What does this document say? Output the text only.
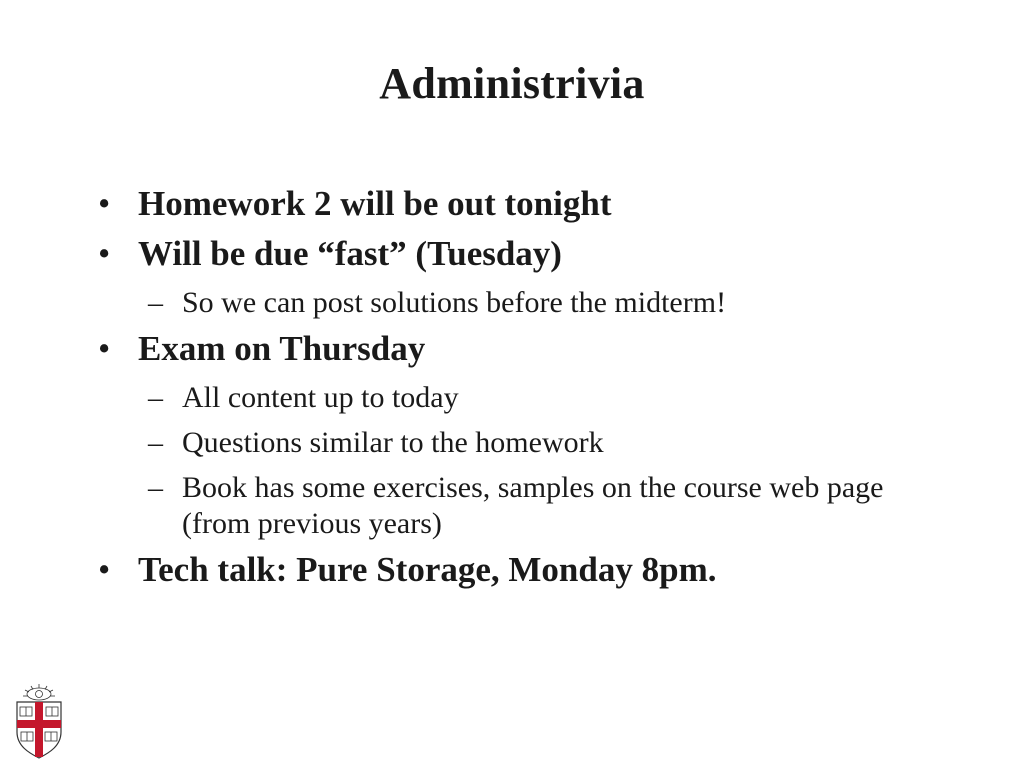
Administrivia
• Homework 2 will be out tonight
• Will be due “fast” (Tuesday)
– So we can post solutions before the midterm!
• Exam on Thursday
– All content up to today
– Questions similar to the homework
– Book has some exercises, samples on the course web page (from previous years)
• Tech talk: Pure Storage, Monday 8pm.
